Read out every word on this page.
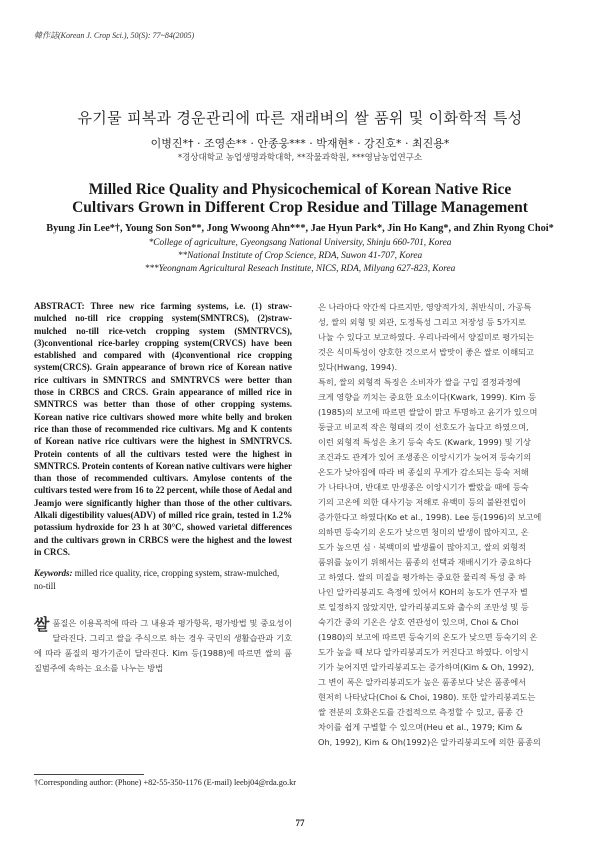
韓作誌(Korean J. Crop Sci.), 50(S): 77~84(2005)
유기물 피복과 경운관리에 따른 재래벼의 쌀 품위 및 이화학적 특성
이병진*† · 조영손** · 안종웅*** · 박재현* · 강진호* · 최진용*
*경상대학교 농업생명과학대학, **작물과학원, ***영남농업연구소
Milled Rice Quality and Physicochemical of Korean Native Rice
Cultivars Grown in Different Crop Residue and Tillage Management
Byung Jin Lee*†, Young Son Son**, Jong Wwoong Ahn***, Jae Hyun Park*, Jin Ho Kang*, and Zhin Ryong Choi*
*College of agriculture, Gyeongsang National University, Shinju 660-701, Korea
**National Institute of Crop Science, RDA, Suwon 41-707, Korea
***Yeongnam Agricultural Reseach Institute, NICS, RDA, Milyang 627-823, Korea
ABSTRACT: Three new rice farming systems, i.e. (1) straw-mulched no-till rice cropping system(SMNTRCS), (2)straw-mulched no-till rice-vetch cropping system (SMNTRVCS), (3)conventional rice-barley cropping system(CRVCS) have been established and compared with (4)conventional rice cropping system(CRCS). Grain appearance of brown rice of Korean native rice cultivars in SMNTRCS and SMNTRVCS were better than those in CRBCS and CRCS. Grain appearance of milled rice in SMNTRCS was better than those of other cropping systems. Korean native rice cultivars showed more white belly and broken rice than those of recommended rice cultivars. Mg and K contents of Korean native rice cultivars were the highest in SMNTRVCS. Protein contents of all the cultivars tested were the highest in SMNTRCS. Protein contents of Korean native cultivars were higher than those of recommended cultivars. Amylose contents of the cultivars tested were from 16 to 22 percent, while those of Aedal and Jeamjo were significantly higher than those of the other cultivars. Alkali digestibility values(ADV) of milled rice grain, tested in 1.2% potassium hydroxide for 23 h at 30°C, showed varietal differences and the cultivars grown in CRBCS were the highest and the lowest in CRCS.
Keywords: milled rice quality, rice, cropping system, straw-mulched, no-till
쌀 품질은 이용목적에 따라 그 내용과 평가항목, 평가방법 및 중요성이 달라진다. 그리고 쌀을 주식으로 하는 경우 국민의 생활습관과 기호에 따라 품질의 평가기준이 달라진다. Kim 등(1988)에 따르면 쌀의 품질범주에 속하는 요소를 나누는 방법
†Corresponding author: (Phone) +82-55-350-1176 (E-mail) leebj04@rda.go.kr

은 나라마다 약간씩 다르지만, 영양적가치, 취반식미, 가공특
성, 쌀의 외형 및 외관, 도정특성 그리고 저장성 등 5가지로
나눌 수 있다고 보고하였다. 우리나라에서 양질미로 평가되는
것은 식미특성이 양호한 것으로서 밥맛이 좋은 쌀로 이해되고
있다(Hwang, 1994).

특히, 쌀의 외형적 특징은 소비자가 쌀을 구입 결정과정에
크게 영향을 끼치는 중요한 요소이다(Kwark, 1999). Kim 등
(1985)의 보고에 따르면 쌀알이 맑고 투명하고 윤기가 있으며
둥글고 비교적 작은 형태의 것이 선호도가 높다고 하였으며,
이런 외형적 특성은 초기 등숙 속도 (Kwark, 1999) 및 기상
조건과도 관계가 있어 조생종은 이앙시기가 늦어져 등숙기의
온도가 낮아짐에 따라 벼 종실의 무게가 감소되는 등숙 저해
가 나타나며, 반대로 만생종은 이앙시기가 빨랐을 때에 등숙
기의 고온에 의한 대사기능 저해로 유백미 등의 불완전립이
증가한다고 하였다(Ko et al., 1998). Lee 등(1996)의 보고에
의하면 등숙기의 온도가 낮으면 청미의 발생이 많아지고, 온
도가 높으면 심 · 복백미의 발생률이 많아지고, 쌀의 외형적
품위를 높이기 위해서는 품종의 선택과 재배시기가 중요하다
고 하였다. 쌀의 미질을 평가하는 중요한 물리적 특성 중 하
나인 알카리붕괴도 측정에 있어서 KOH의 농도가 연구자 별
로 일정하지 않았지만, 알카리붕괴도와 출수의 조만성 및 등
숙기간 중의 기온은 상호 연관성이 있으며, Choi & Choi
(1980)의 보고에 따르면 등숙기의 온도가 낮으면 등숙기의 온
도가 높을 때 보다 알카리붕괴도가 커진다고 하였다. 이앙시
기가 늦어지면 알카리붕괴도는 증가하며(Kim & Oh, 1992),
그 변이 폭은 알카리붕괴도가 높은 품종보다 낮은 품종에서
현저히 나타났다(Choi & Choi, 1980). 또한 알카리붕괴도는
쌀 전분의 호화온도를 간접적으로 측정할 수 있고, 품종 간
차이를 쉽게 구별할 수 있으며(Heu et al., 1979; Kim &
Oh, 1992), Kim & Oh(1992)은 알카리붕괴도에 의한 품종의

77
